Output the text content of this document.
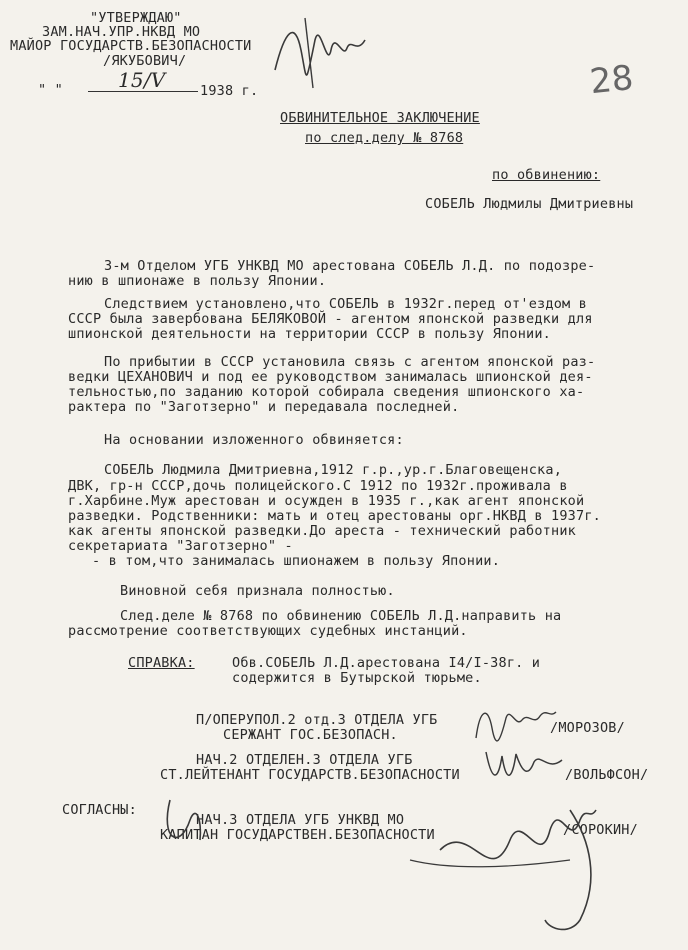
28
"УТВЕРЖДАЮ"
ЗАМ.НАЧ.УПР.НКВД МО
МАЙОР ГОСУДАРСТВ.БЕЗОПАСНОСТИ
/ЯКУБОВИЧ/
" "	15/V	1938 г.
ОБВИНИТЕЛЬНОЕ ЗАКЛЮЧЕНИЕ
по след.делу № 8768
по обвинению:
СОБЕЛЬ Людмилы Дмитриевны
3-м Отделом УГБ УНКВД МО арестована СОБЕЛЬ Л.Д. по подозре-
нию в шпионаже в пользу Японии.
Следствием установлено,что СОБЕЛЬ в 1932г.перед от'ездом в
СССР была завербована БЕЛЯКОВОЙ - агентом японской разведки для
шпионской деятельности на территории СССР в пользу Японии.
По прибытии в СССР установила связь с агентом японской раз-
ведки ЦЕХАНОВИЧ и под ее руководством занималась шпионской дея-
тельностью,по заданию которой собирала сведения шпионского ха-
рактера по "Заготзерно" и передавала последней.
На основании изложенного обвиняется:
СОБЕЛЬ Людмила Дмитриевна,1912 г.р.,ур.г.Благовещенска,
ДВК, гр-н СССР,дочь полицейского.С 1912 по 1932г.проживала в
г.Харбине.Муж арестован и осужден в 1935 г.,как агент японской
разведки. Родственники: мать и отец арестованы орг.НКВД в 1937г.
как агенты японской разведки.До ареста - технический работник
секретариата "Заготзерно" -
- в том,что занималась шпионажем в пользу Японии.
Виновной себя признала полностью.
След.деле № 8768 по обвинению СОБЕЛЬ Л.Д.направить на
рассмотрение соответствующих судебных инстанций.
СПРАВКА:	Обв.СОБЕЛЬ Л.Д.арестована I4/I-38г. и
содержится в Бутырской тюрьме.
П/ОПЕРУПОЛ.2 отд.3 ОТДЕЛА УГБ
СЕРЖАНТ ГОС.БЕЗОПАСН.	/МОРОЗОВ/
НАЧ.2 ОТДЕЛЕН.3 ОТДЕЛА УГБ
СТ.ЛЕЙТЕНАНТ ГОСУДАРСТВ.БЕЗОПАСНОСТИ	/ВОЛЬФСОН/
СОГЛАСНЫ:
НАЧ.3 ОТДЕЛА УГБ УНКВД МО
КАПИТАН ГОСУДАРСТВЕН.БЕЗОПАСНОСТИ	/СОРОКИН/
